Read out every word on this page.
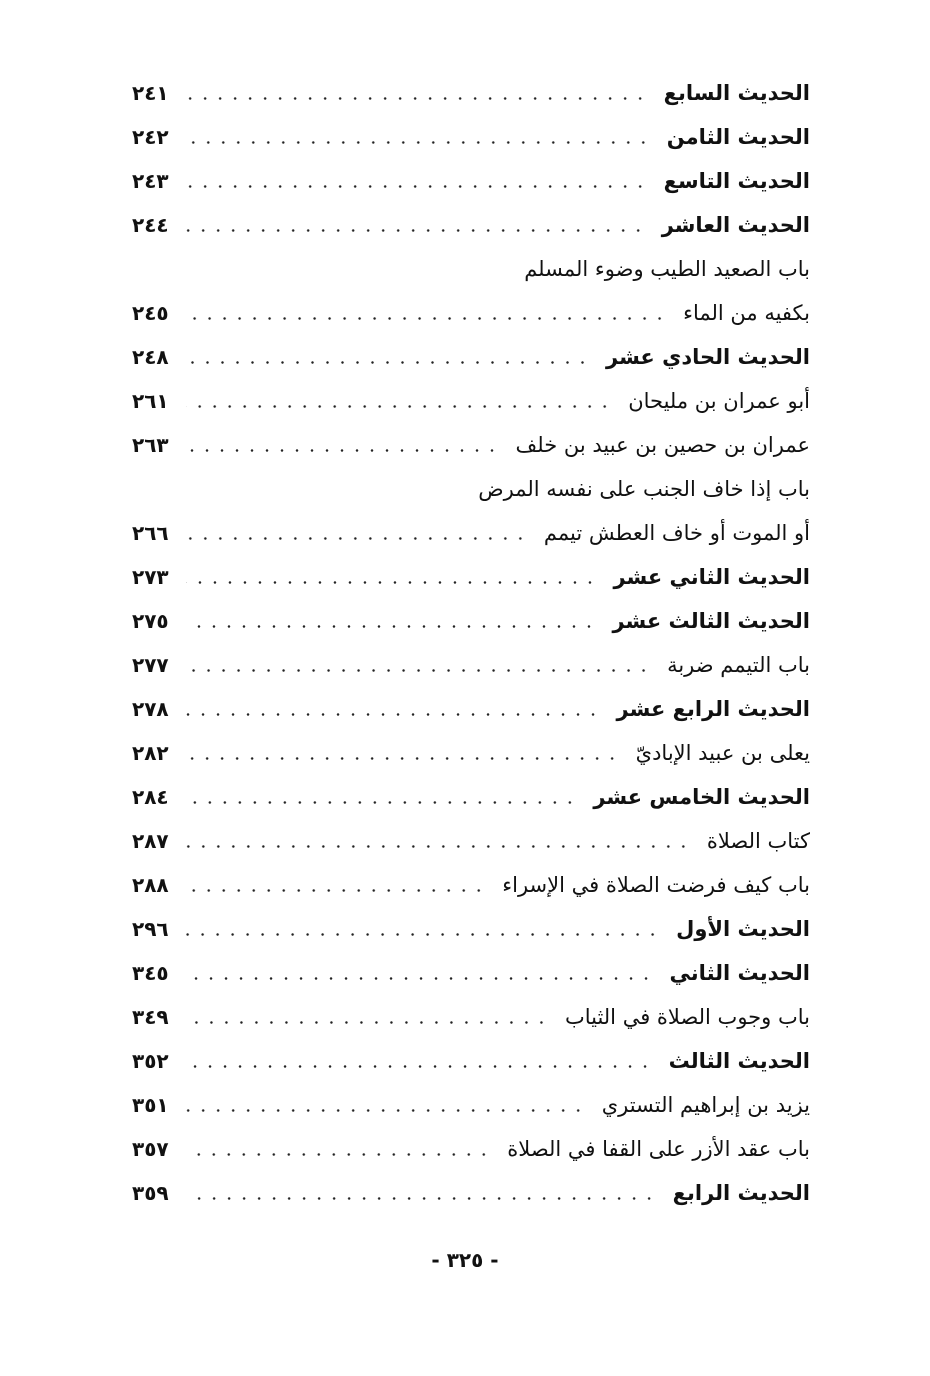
الحديث السابع
٢٤١
الحديث الثامن
٢٤٢
الحديث التاسع
٢٤٣
الحديث العاشر
٢٤٤
باب الصعيد الطيب وضوء المسلم
بكفيه من الماء
٢٤٥
الحديث الحادي عشر
٢٤٨
أبو عمران بن مليحان
٢٦١
عمران بن حصين بن عبيد بن خلف
٢٦٣
باب إذا خاف الجنب على نفسه المرض
أو الموت أو خاف العطش تيمم
٢٦٦
الحديث الثاني عشر
٢٧٣
الحديث الثالث عشر
٢٧٥
باب التيمم ضربة
٢٧٧
الحديث الرابع عشر
٢٧٨
يعلى بن عبيد الإباديّ
٢٨٢
الحديث الخامس عشر
٢٨٤
كتاب الصلاة
٢٨٧
باب كيف فرضت الصلاة في الإسراء
٢٨٨
الحديث الأول
٢٩٦
الحديث الثاني
٣٤٥
باب وجوب الصلاة في الثياب
٣٤٩
الحديث الثالث
٣٥٢
يزيد بن إبراهيم التستري
٣٥١
باب عقد الأزر على القفا في الصلاة
٣٥٧
الحديث الرابع
٣٥٩
- ٣٢٥ -
